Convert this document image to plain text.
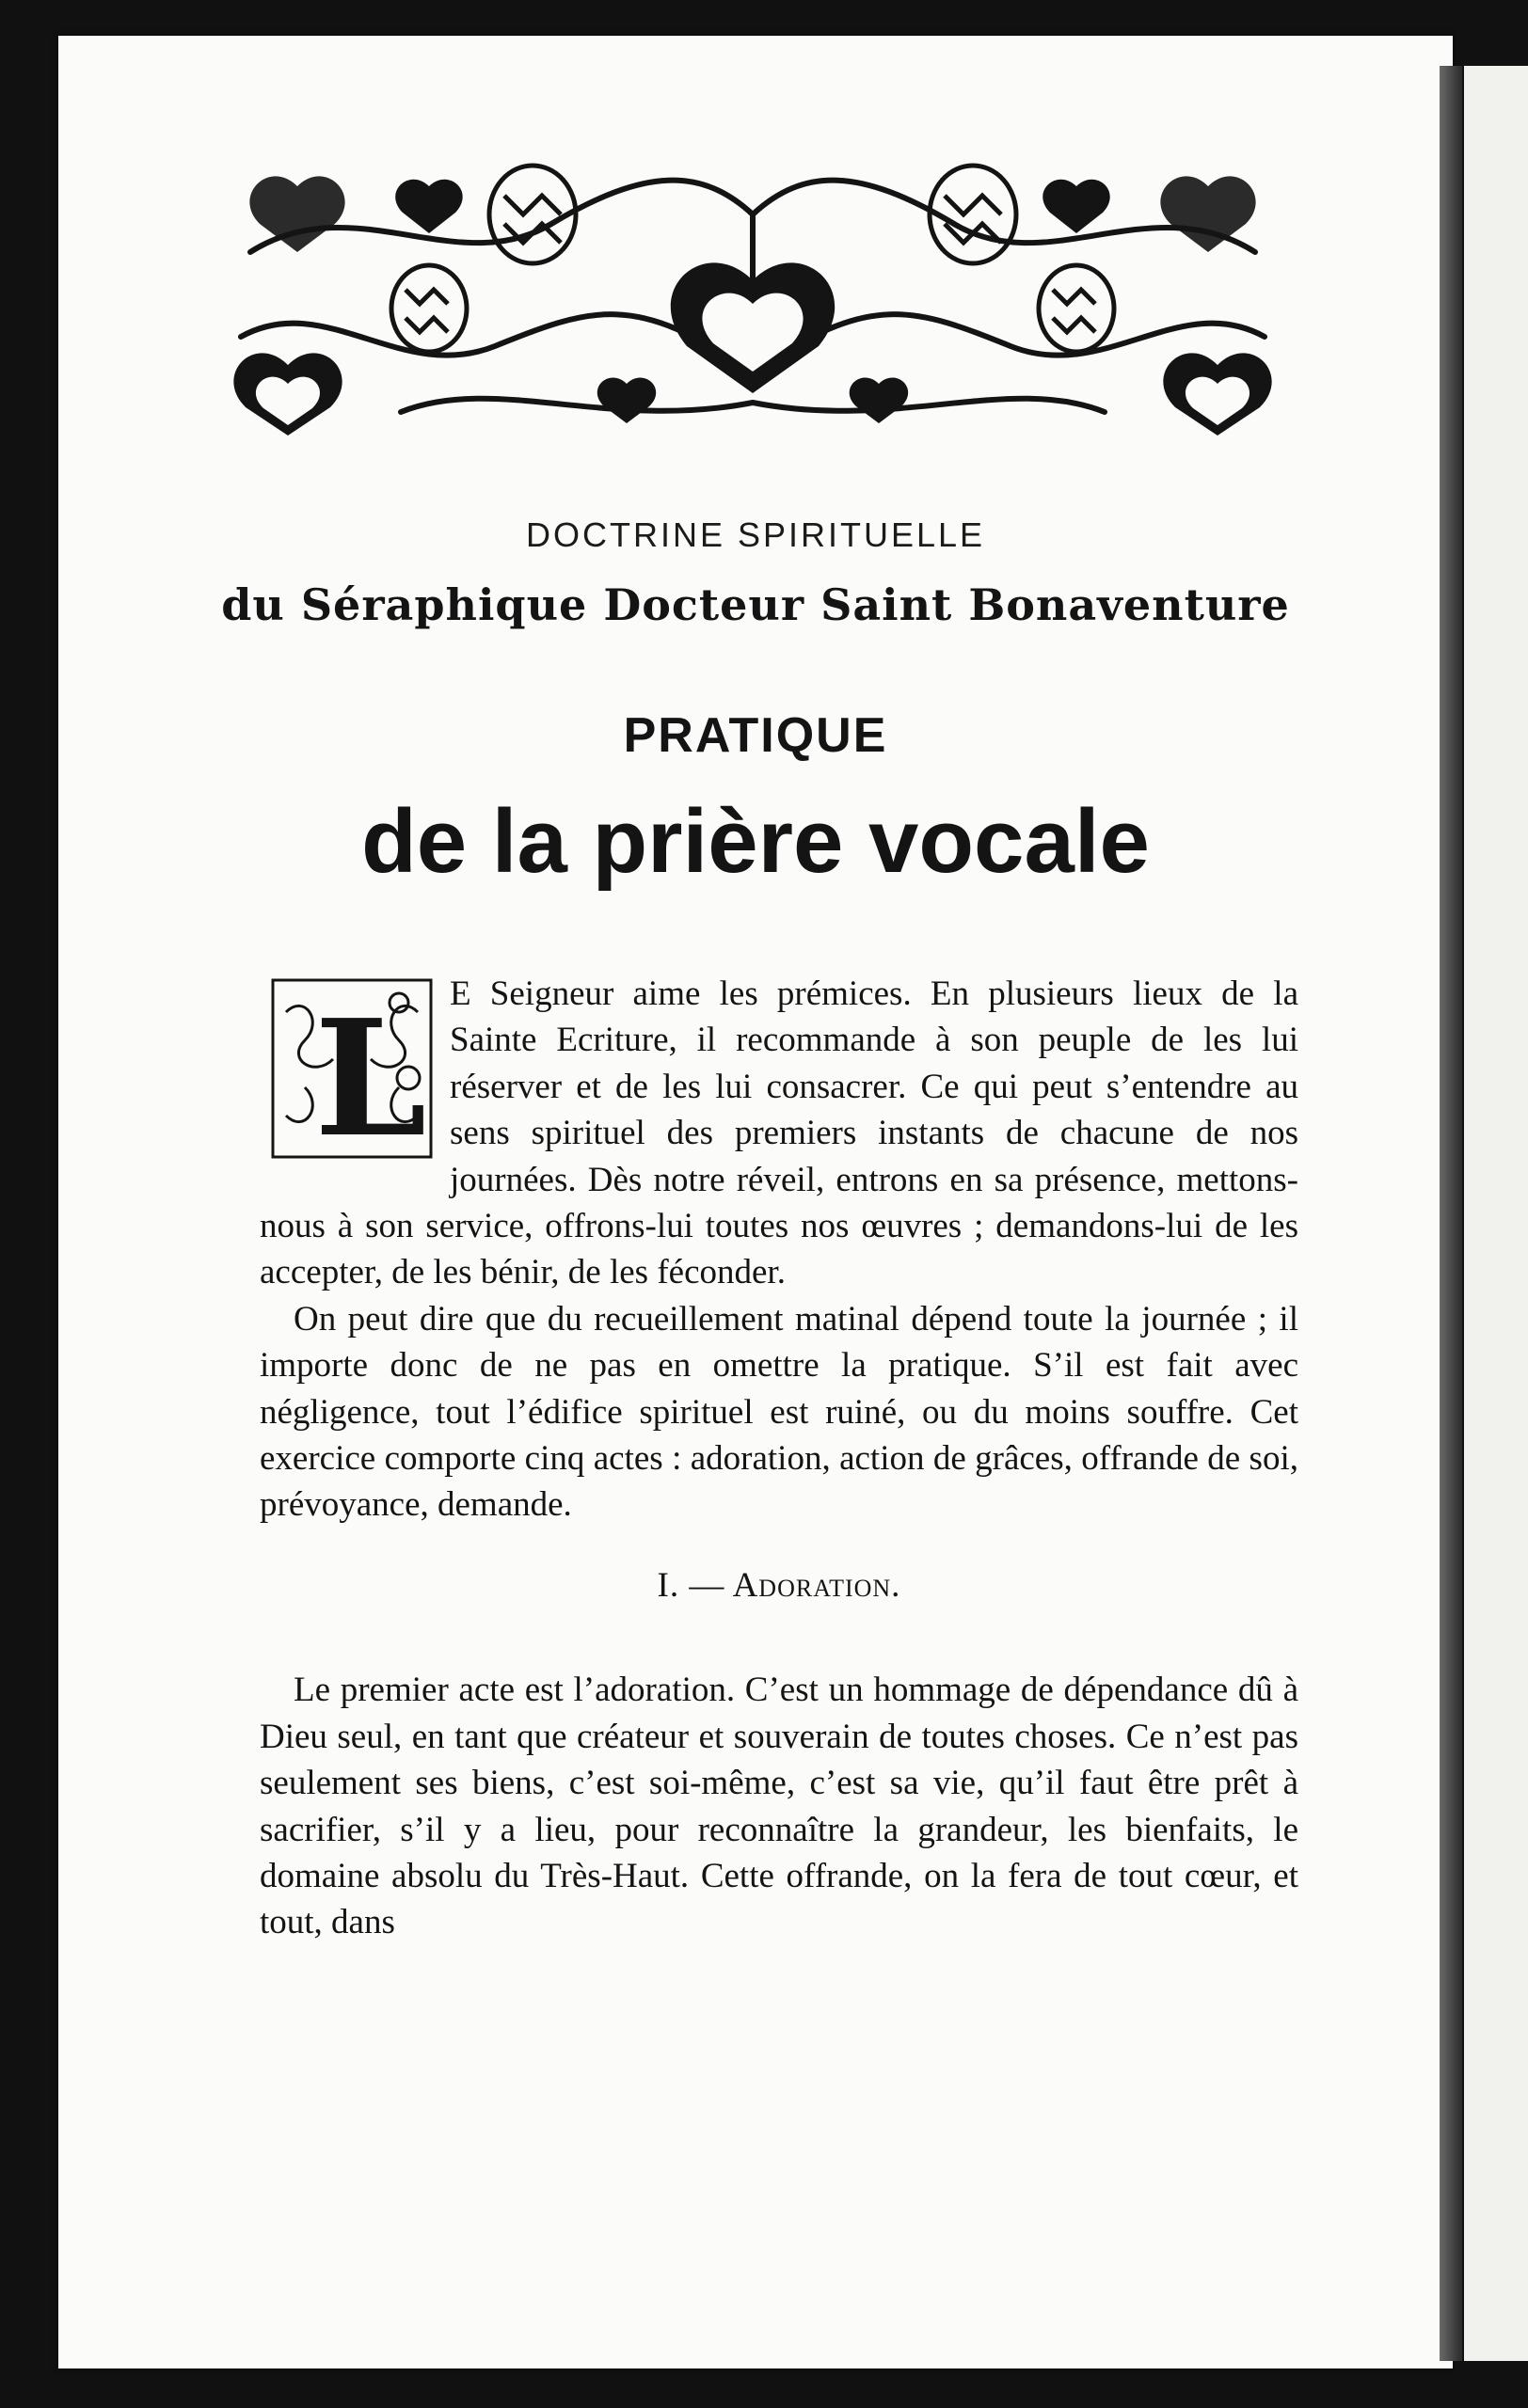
DOCTRINE SPIRITUELLE
du Séraphique Docteur Saint Bonaventure
PRATIQUE
de la prière vocale
L E Seigneur aime les prémices. En plusieurs lieux de la Sainte Ecriture, il recommande à son peuple de les lui réserver et de les lui consacrer. Ce qui peut s’entendre au sens spirituel des premiers instants de chacune de nos journées. Dès notre réveil, entrons en sa présence, mettons-nous à son service, offrons-lui toutes nos œuvres ; demandons-lui de les accepter, de les bénir, de les féconder.

On peut dire que du recueillement matinal dépend toute la journée ; il importe donc de ne pas en omettre la pratique. S’il est fait avec négligence, tout l’édifice spirituel est ruiné, ou du moins souffre. Cet exercice comporte cinq actes : adoration, action de grâces, offrande de soi, prévoyance, demande.

I. — Adoration.

Le premier acte est l’adoration. C’est un hommage de dépendance dû à Dieu seul, en tant que créateur et souverain de toutes choses. Ce n’est pas seulement ses biens, c’est soi-même, c’est sa vie, qu’il faut être prêt à sacrifier, s’il y a lieu, pour reconnaître la grandeur, les bienfaits, le domaine absolu du Très-Haut. Cette offrande, on la fera de tout cœur, et tout, dans
